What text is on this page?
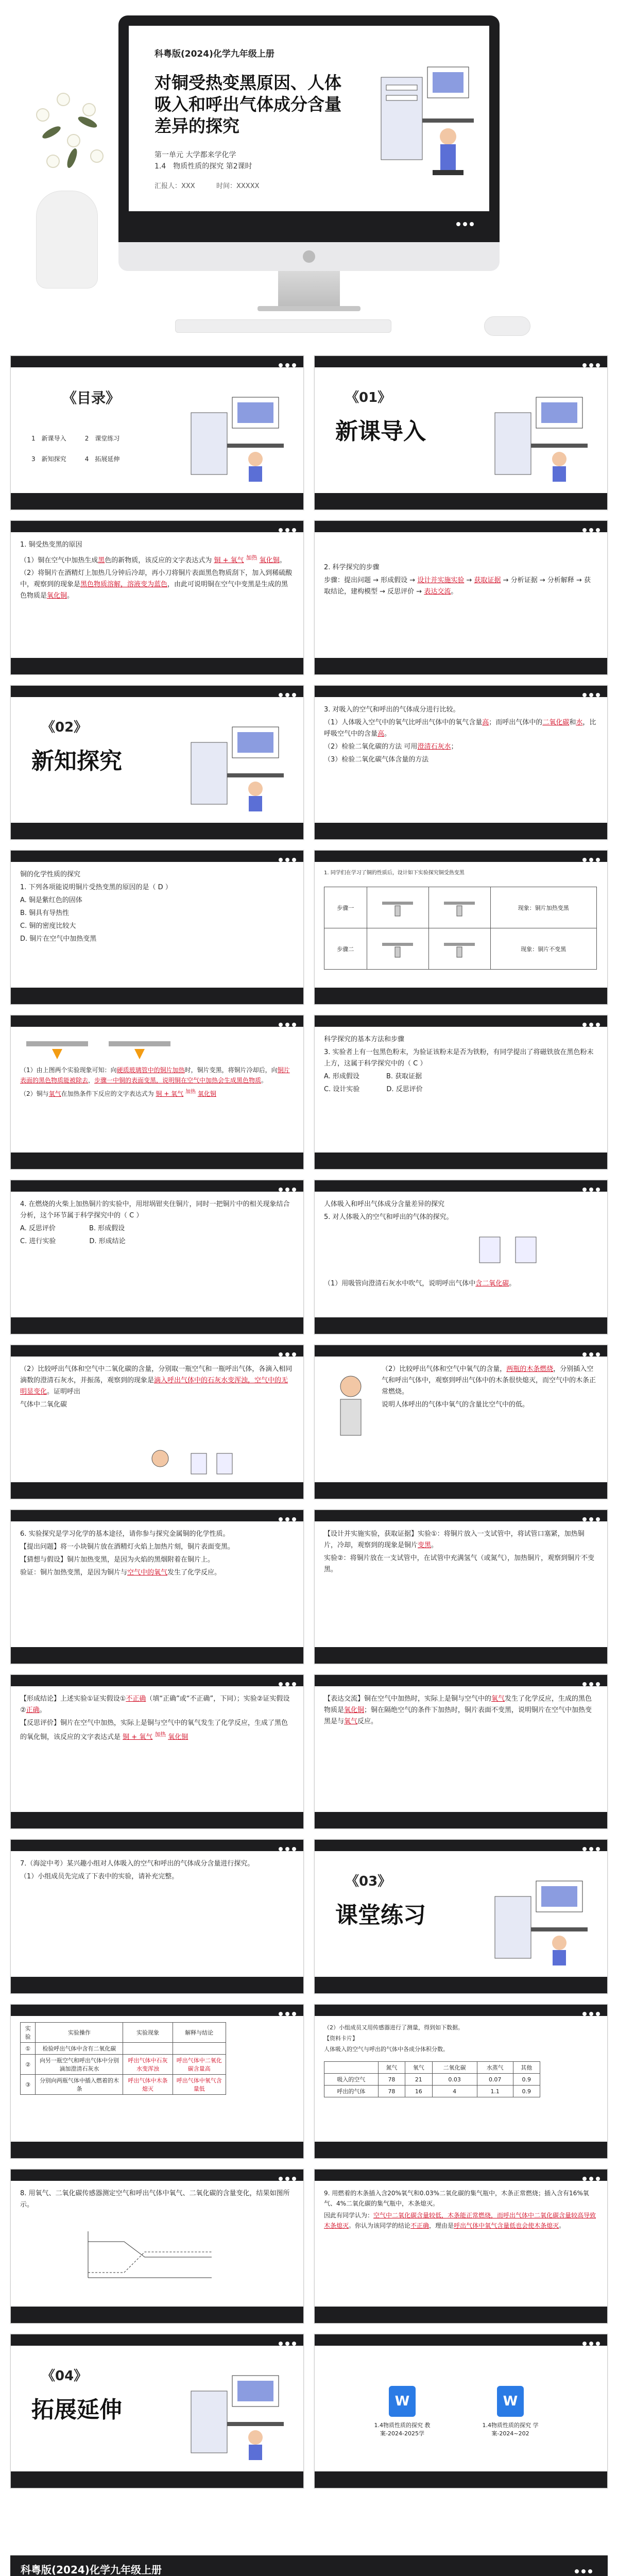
科粤版(2024)化学九年级上册
对铜受热变黑原因、人体吸入和呼出气体成分含量差异的探究
第一单元 大学都来学化学
1.4　物质性质的探究 第2课时
汇报人：XXX	时间：XXXXX
《目录》
1　 新课导入　　　	2　 课堂练习
3　 新知探究　　　	4　 拓展延伸
《01》
新课导入

1. 铜受热变黑的原因

（1）铜在空气中加热生成黑色的新物质，该反应的文字表达式为 铜 + 氧气 $^{加热}$ 氧化铜。

（2）将铜片在酒精灯上加热几分钟后冷却，再小刀将铜片表面黑色物质刮下，加入到稀硫酸中，观察到的现象是黑色物质溶解，溶液变为蓝色，由此可说明铜在空气中变黑是生成的黑色物质是氧化铜。

2. 科学探究的步骤

步骤：提出问题 → 形成假设 → 设计并实施实验 → 获取证据 → 分析证据 → 分析解释 → 获取结论，建构模型 → 反思评价 → 表达交流。

《02》
新知探究

3. 对吸入的空气和呼出的气体成分进行比较。

（1）人体吸入空气中的氧气比呼出气体中的氧气含量高；而呼出气体中的二氧化碳和水，比呼吸空气中的含量高。

（2）检验二氧化碳的方法 可用澄清石灰水；

（3）检验二氧化碳气体含量的方法

铜的化学性质的探究

1. 下列各项能说明铜片受热变黑的原因的是（ D ）

A. 铜是紫红色的固体

B. 铜具有导热性

C. 铜的密度比较大

D. 铜片在空气中加热变黑

1. 同学们在学习了铜的性质后，设计如下实验探究铜受热变黑
步骤一			现象：铜片加热变黑
步骤二			现象：铜片不变黑

（1）由上图两个实验现象可知：向硬质玻璃管中的铜片加热时，铜片变黑，将铜片冷却后，向铜片表面的黑色物质能被除去，步骤一中铜的表面变黑，说明铜在空气中加热会生成黑色物质。

（2）铜与氧气在加热条件下反应的文字表达式为 铜 + 氧气 $^{加热}$ 氧化铜

科学探究的基本方法和步骤

3. 实验者上有一包黑色粉末，为验证该粉末是否为铁粉，有同学提出了将磁铁放在黑色粉末上方，这属于科学探究中的（ C ）

A. 形成假设　　　　	B. 获取证据

C. 设计实验　　　　	D. 反思评价

4. 在燃烧的火柴上加热铜片的实验中，用坩埚钳夹住铜片，同时一把铜片中的相关现象结合分析，这个环节属于科学探究中的（ C ）

A. 反思评价　　　　　	B. 形成假设

C. 进行实验　　　　　	D. 形成结论

人体吸入和呼出气体成分含量差异的探究

5. 对人体吸入的空气和呼出的气体的探究。

（1）用吸管向澄清石灰水中吹气，说明呼出气体中含二氧化碳。

（2）比较呼出气体和空气中二氧化碳的含量，分别取一瓶空气和一瓶呼出气体，各滴入相同滴数的澄清石灰水，并振荡，观察到的现象是滴入呼出气体中的石灰水变浑浊，空气中的无明显变化。证明呼出

气体中二氧化碳

（2）比较呼出气体和空气中氧气的含量，两瓶的木条燃烧，分别插入空气和呼出气体中，观察到呼出气体中的木条很快熄灭，而空气中的木条正常燃烧。

说明人体呼出的气体中氧气的含量比空气中的低。

6. 实验探究是学习化学的基本途径，请你参与探究金属铜的化学性质。

【提出问题】将一小块铜片放在酒精灯火焰上加热片刻，铜片表面变黑。

【猜想与假设】铜片加热变黑，是因为火焰的黑烟附着在铜片上。

验证：铜片加热变黑，是因为铜片与空气中的氧气发生了化学反应。

【设计并实施实验，获取证据】实验①：将铜片放入一支试管中，将试管口塞紧，加热铜片，冷却，观察到的现象是铜片变黑。

实验②：将铜片放在一支试管中，在试管中充满氢气（或氮气），加热铜片，观察到铜片不变黑。

【形成结论】上述实验①证实假设①不正确（填“正确”或“不正确”，下同）；实验②证实假设②正确。

【反思评价】铜片在空气中加热，实际上是铜与空气中的氧气发生了化学反应，生成了黑色的氧化铜，该反应的文字表达式是 铜 + 氧气 $^{加热}$ 氧化铜

【表达交流】铜在空气中加热时，实际上是铜与空气中的氧气发生了化学反应，生成的黑色物质是氧化铜；铜在隔绝空气的条件下加热时，铜片表面不变黑，说明铜片在空气中加热变黑是与氧气反应。

7.（海淀中考）某兴趣小组对人体吸入的空气和呼出的气体成分含量进行探究。

（1）小组成员先完成了下表中的实验，请补充完整。	《03》
课堂练习
实验	实验操作	实验现象	解释与结论
①	检验呼出气体中含有二氧化碳		
②	向另一瓶空气和呼出气体中分别滴加澄清石灰水	呼出气体中石灰水变浑浊	呼出气体中二氧化碳含量高
③	分别向两瓶气体中插入燃着的木条	呼出气体中木条熄灭	呼出气体中氧气含量低

（2）小组成员又用传感器进行了测量，得到如下数据。

【资料卡片】

人体吸入的空气与呼出的气体中各成分体积分数。

	氮气	氧气	二氧化碳	水蒸气	其他
吸入的空气	78	21	0.03	0.07	0.9
呼出的气体	78	16	4	1.1	0.9
8. 用氧气、二氧化碳传感器测定空气和呼出气体中氧气、二氧化碳的含量变化，结果如图所示。

9. 用燃着的木条插入含20%氧气和0.03%二氧化碳的集气瓶中，木条正常燃烧；插入含有16%氧气、4%二氧化碳的集气瓶中，木条熄灭。

因此有同学认为：空气中二氧化碳含量较低，木条能正常燃烧，而呼出气体中二氧化碳含量较高导致木条熄灭。你认为该同学的结论不正确，理由是呼出气体中氧气含量低也会使木条熄灭。

《04》
拓展延伸	W
1.4物质性质的探究 教案-2024-2025学
W
1.4物质性质的探究 学案-2024~202
科粤版(2024)化学九年级上册
